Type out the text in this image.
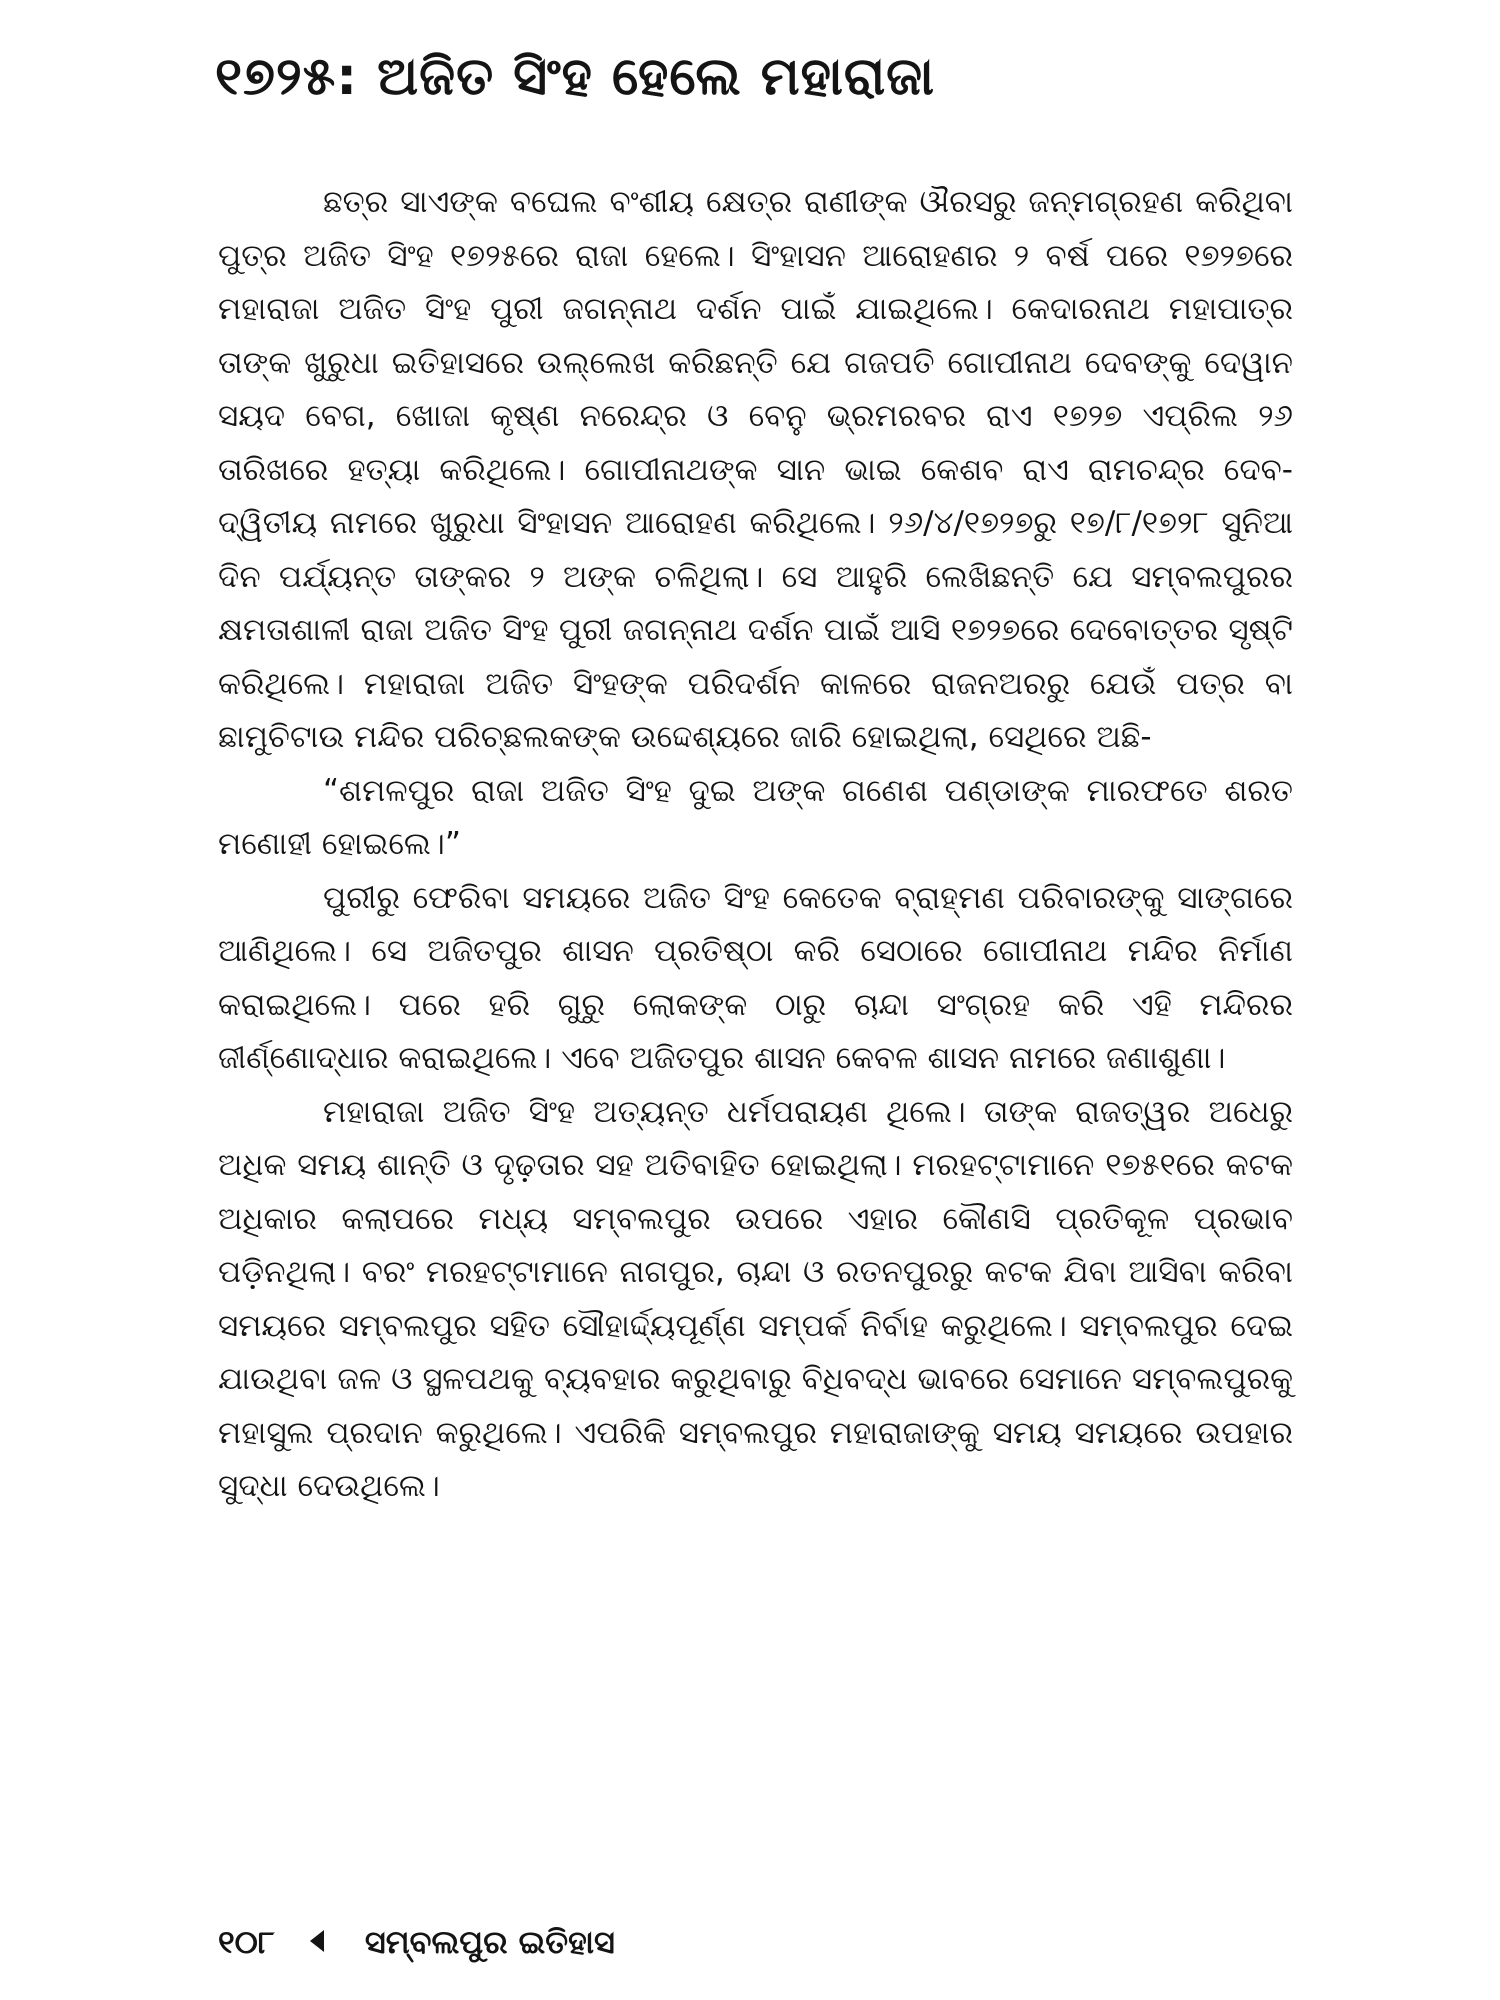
୧୭୨୫: ଅଜିତ ସିଂହ ହେଲେ ମହାରାଜା

ଛତ୍ର ସାଏଙ୍କ ବଘେଲ ବଂଶୀୟ କ୍ଷେତ୍ର ରାଣୀଙ୍କ ଔରସରୁ ଜନ୍ମଗ୍ରହଣ କରିଥିବା ପୁତ୍ର ଅଜିତ ସିଂହ ୧୭୨୫ରେ ରାଜା ହେଲେ। ସିଂହାସନ ଆରୋହଣର ୨ ବର୍ଷ ପରେ ୧୭୨୭ରେ ମହାରାଜା ଅଜିତ ସିଂହ ପୁରୀ ଜଗନ୍ନାଥ ଦର୍ଶନ ପାଇଁ ଯାଇଥିଲେ। କେଦାରନାଥ ମହାପାତ୍ର ତାଙ୍କ ଖୁରୁଧା ଇତିହାସରେ ଉଲ୍ଲେଖ କରିଛନ୍ତି ଯେ ଗଜପତି ଗୋପୀନାଥ ଦେବଙ୍କୁ ଦେୱାନ ସୟଦ ବେଗ, ଖୋଜା କୃଷ୍ଣ ନରେନ୍ଦ୍ର ଓ ବେନୁ ଭ୍ରମରବର ରାଏ ୧୭୨୭ ଏପ୍ରିଲ ୨୬ ତାରିଖରେ ହତ୍ୟା କରିଥିଲେ। ଗୋପୀନାଥଙ୍କ ସାନ ଭାଇ କେଶବ ରାଏ ରାମଚନ୍ଦ୍ର ଦେବ- ଦ୍ୱିତୀୟ ନାମରେ ଖୁରୁଧା ସିଂହାସନ ଆରୋହଣ କରିଥିଲେ। ୨୬/୪/୧୭୨୭ରୁ ୧୭/୮/୧୭୨୮ ସୁନିଆ ଦିନ ପର୍ଯ୍ୟନ୍ତ ତାଙ୍କର ୨ ଅଙ୍କ ଚଳିଥିଲା। ସେ ଆହୁରି ଲେଖିଛନ୍ତି ଯେ ସମ୍ବଲପୁରର କ୍ଷମତାଶାଳୀ ରାଜା ଅଜିତ ସିଂହ ପୁରୀ ଜଗନ୍ନାଥ ଦର୍ଶନ ପାଇଁ ଆସି ୧୭୨୭ରେ ଦେବୋତ୍ତର ସୃଷ୍ଟି କରିଥିଲେ। ମହାରାଜା ଅଜିତ ସିଂହଙ୍କ ପରିଦର୍ଶନ କାଳରେ ରାଜନଅରରୁ ଯେଉଁ ପତ୍ର ବା ଛାମୁଚିଟାଉ ମନ୍ଦିର ପରିଚ୍ଛଲକଙ୍କ ଉଦ୍ଦେଶ୍ୟରେ ଜାରି ହୋଇଥିଲା, ସେଥିରେ ଅଛି-

“ଶମଳପୁର ରାଜା ଅଜିତ ସିଂହ ଦୁଇ ଅଙ୍କ ଗଣେଶ ପଣ୍ଡାଙ୍କ ମାରଫତେ ଶରତ ମଣୋହୀ ହୋଇଲେ।”

ପୁରୀରୁ ଫେରିବା ସମୟରେ ଅଜିତ ସିଂହ କେତେକ ବ୍ରାହ୍ମଣ ପରିବାରଙ୍କୁ ସାଙ୍ଗରେ ଆଣିଥିଲେ। ସେ ଅଜିତପୁର ଶାସନ ପ୍ରତିଷ୍ଠା କରି ସେଠାରେ ଗୋପୀନାଥ ମନ୍ଦିର ନିର୍ମାଣ କରାଇଥିଲେ। ପରେ ହରି ଗୁରୁ ଲୋକଙ୍କ ଠାରୁ ଚାନ୍ଦା ସଂଗ୍ରହ କରି ଏହି ମନ୍ଦିରର ଜୀର୍ଣ୍ଣୋଦ୍ଧାର କରାଇଥିଲେ। ଏବେ ଅଜିତପୁର ଶାସନ କେବଳ ଶାସନ ନାମରେ ଜଣାଶୁଣା।

ମହାରାଜା ଅଜିତ ସିଂହ ଅତ୍ୟନ୍ତ ଧର୍ମପରାୟଣ ଥିଲେ। ତାଙ୍କ ରାଜତ୍ୱର ଅଧେରୁ ଅଧିକ ସମୟ ଶାନ୍ତି ଓ ଦୃଢ଼ତାର ସହ ଅତିବାହିତ ହୋଇଥିଲା। ମରହଟ୍ଟାମାନେ ୧୭୫୧ରେ କଟକ ଅଧିକାର କଲାପରେ ମଧ୍ୟ ସମ୍ବଲପୁର ଉପରେ ଏହାର କୌଣସି ପ୍ରତିକୂଳ ପ୍ରଭାବ ପଡ଼ିନଥିଲା। ବରଂ ମରହଟ୍ଟାମାନେ ନାଗପୁର, ଚାନ୍ଦା ଓ ରତନପୁରରୁ କଟକ ଯିବା ଆସିବା କରିବା ସମୟରେ ସମ୍ବଲପୁର ସହିତ ସୌହାର୍ଦ୍ଦ୍ୟପୂର୍ଣ୍ଣ ସମ୍ପର୍କ ନିର୍ବାହ କରୁଥିଲେ। ସମ୍ବଲପୁର ଦେଇ ଯାଉଥିବା ଜଳ ଓ ସ୍ଥଳପଥକୁ ବ୍ୟବହାର କରୁଥିବାରୁ ବିଧିବଦ୍ଧ ଭାବରେ ସେମାନେ ସମ୍ବଲପୁରକୁ ମହାସୁଲ ପ୍ରଦାନ କରୁଥିଲେ। ଏପରିକି ସମ୍ବଲପୁର ମହାରାଜାଙ୍କୁ ସମୟ ସମୟରେ ଉପହାର ସୁଦ୍ଧା ଦେଉଥିଲେ।

୧୦୮	ସମ୍ବଲପୁର ଇତିହାସ
